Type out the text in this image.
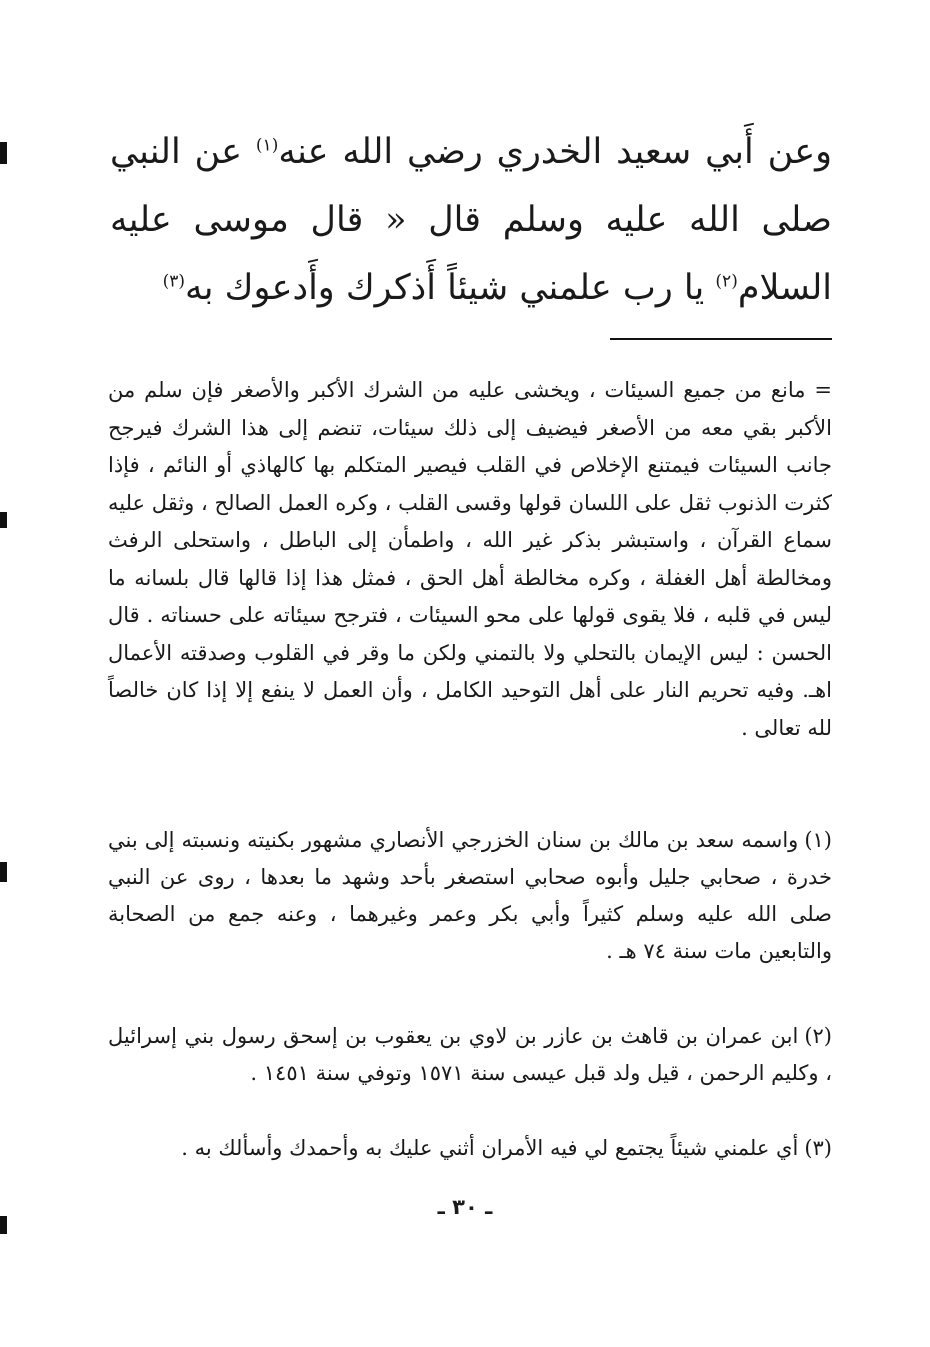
وعن أَبي سعيد الخدري رضي الله عنه$^{(١)}$ عن النبي صلى الله عليه وسلم قال « قال موسى عليه السلام$^{(٢)}$ يا رب علمني شيئاً أَذكرك وأَدعوك به$^{(٣)}$

= مانع من جميع السيئات ، ويخشى عليه من الشرك الأكبر والأصغر فإن سلم من الأكبر بقي معه من الأصغر فيضيف إلى ذلك سيئات، تنضم إلى هذا الشرك فيرجح جانب السيئات فيمتنع الإخلاص في القلب فيصير المتكلم بها كالهاذي أو النائم ، فإذا كثرت الذنوب ثقل على اللسان قولها وقسى القلب ، وكره العمل الصالح ، وثقل عليه سماع القرآن ، واستبشر بذكر غير الله ، واطمأن إلى الباطل ، واستحلى الرفث ومخالطة أهل الغفلة ، وكره مخالطة أهل الحق ، فمثل هذا إذا قالها قال بلسانه ما ليس في قلبه ، فلا يقوى قولها على محو السيئات ، فترجح سيئاته على حسناته . قال الحسن : ليس الإيمان بالتحلي ولا بالتمني ولكن ما وقر في القلوب وصدقته الأعمال اهـ. وفيه تحريم النار على أهل التوحيد الكامل ، وأن العمل لا ينفع إلا إذا كان خالصاً لله تعالى .

(١)واسمه سعد بن مالك بن سنان الخزرجي الأنصاري مشهور بكنيته ونسبته إلى بني خدرة ، صحابي جليل وأبوه صحابي استصغر بأحد وشهد ما بعدها ، روى عن النبي صلى الله عليه وسلم كثيراً وأبي بكر وعمر وغيرهما ، وعنه جمع من الصحابة والتابعين مات سنة ٧٤ هـ .

(٢)ابن عمران بن قاهث بن عازر بن لاوي بن يعقوب بن إسحق رسول بني إسرائيل ، وكليم الرحمن ، قيل ولد قبل عيسى سنة ١٥٧١ وتوفي سنة ١٤٥١ .

(٣)أي علمني شيئاً يجتمع لي فيه الأمران أثني عليك به وأحمدك وأسألك به .

ـ ٣٠ ـ
